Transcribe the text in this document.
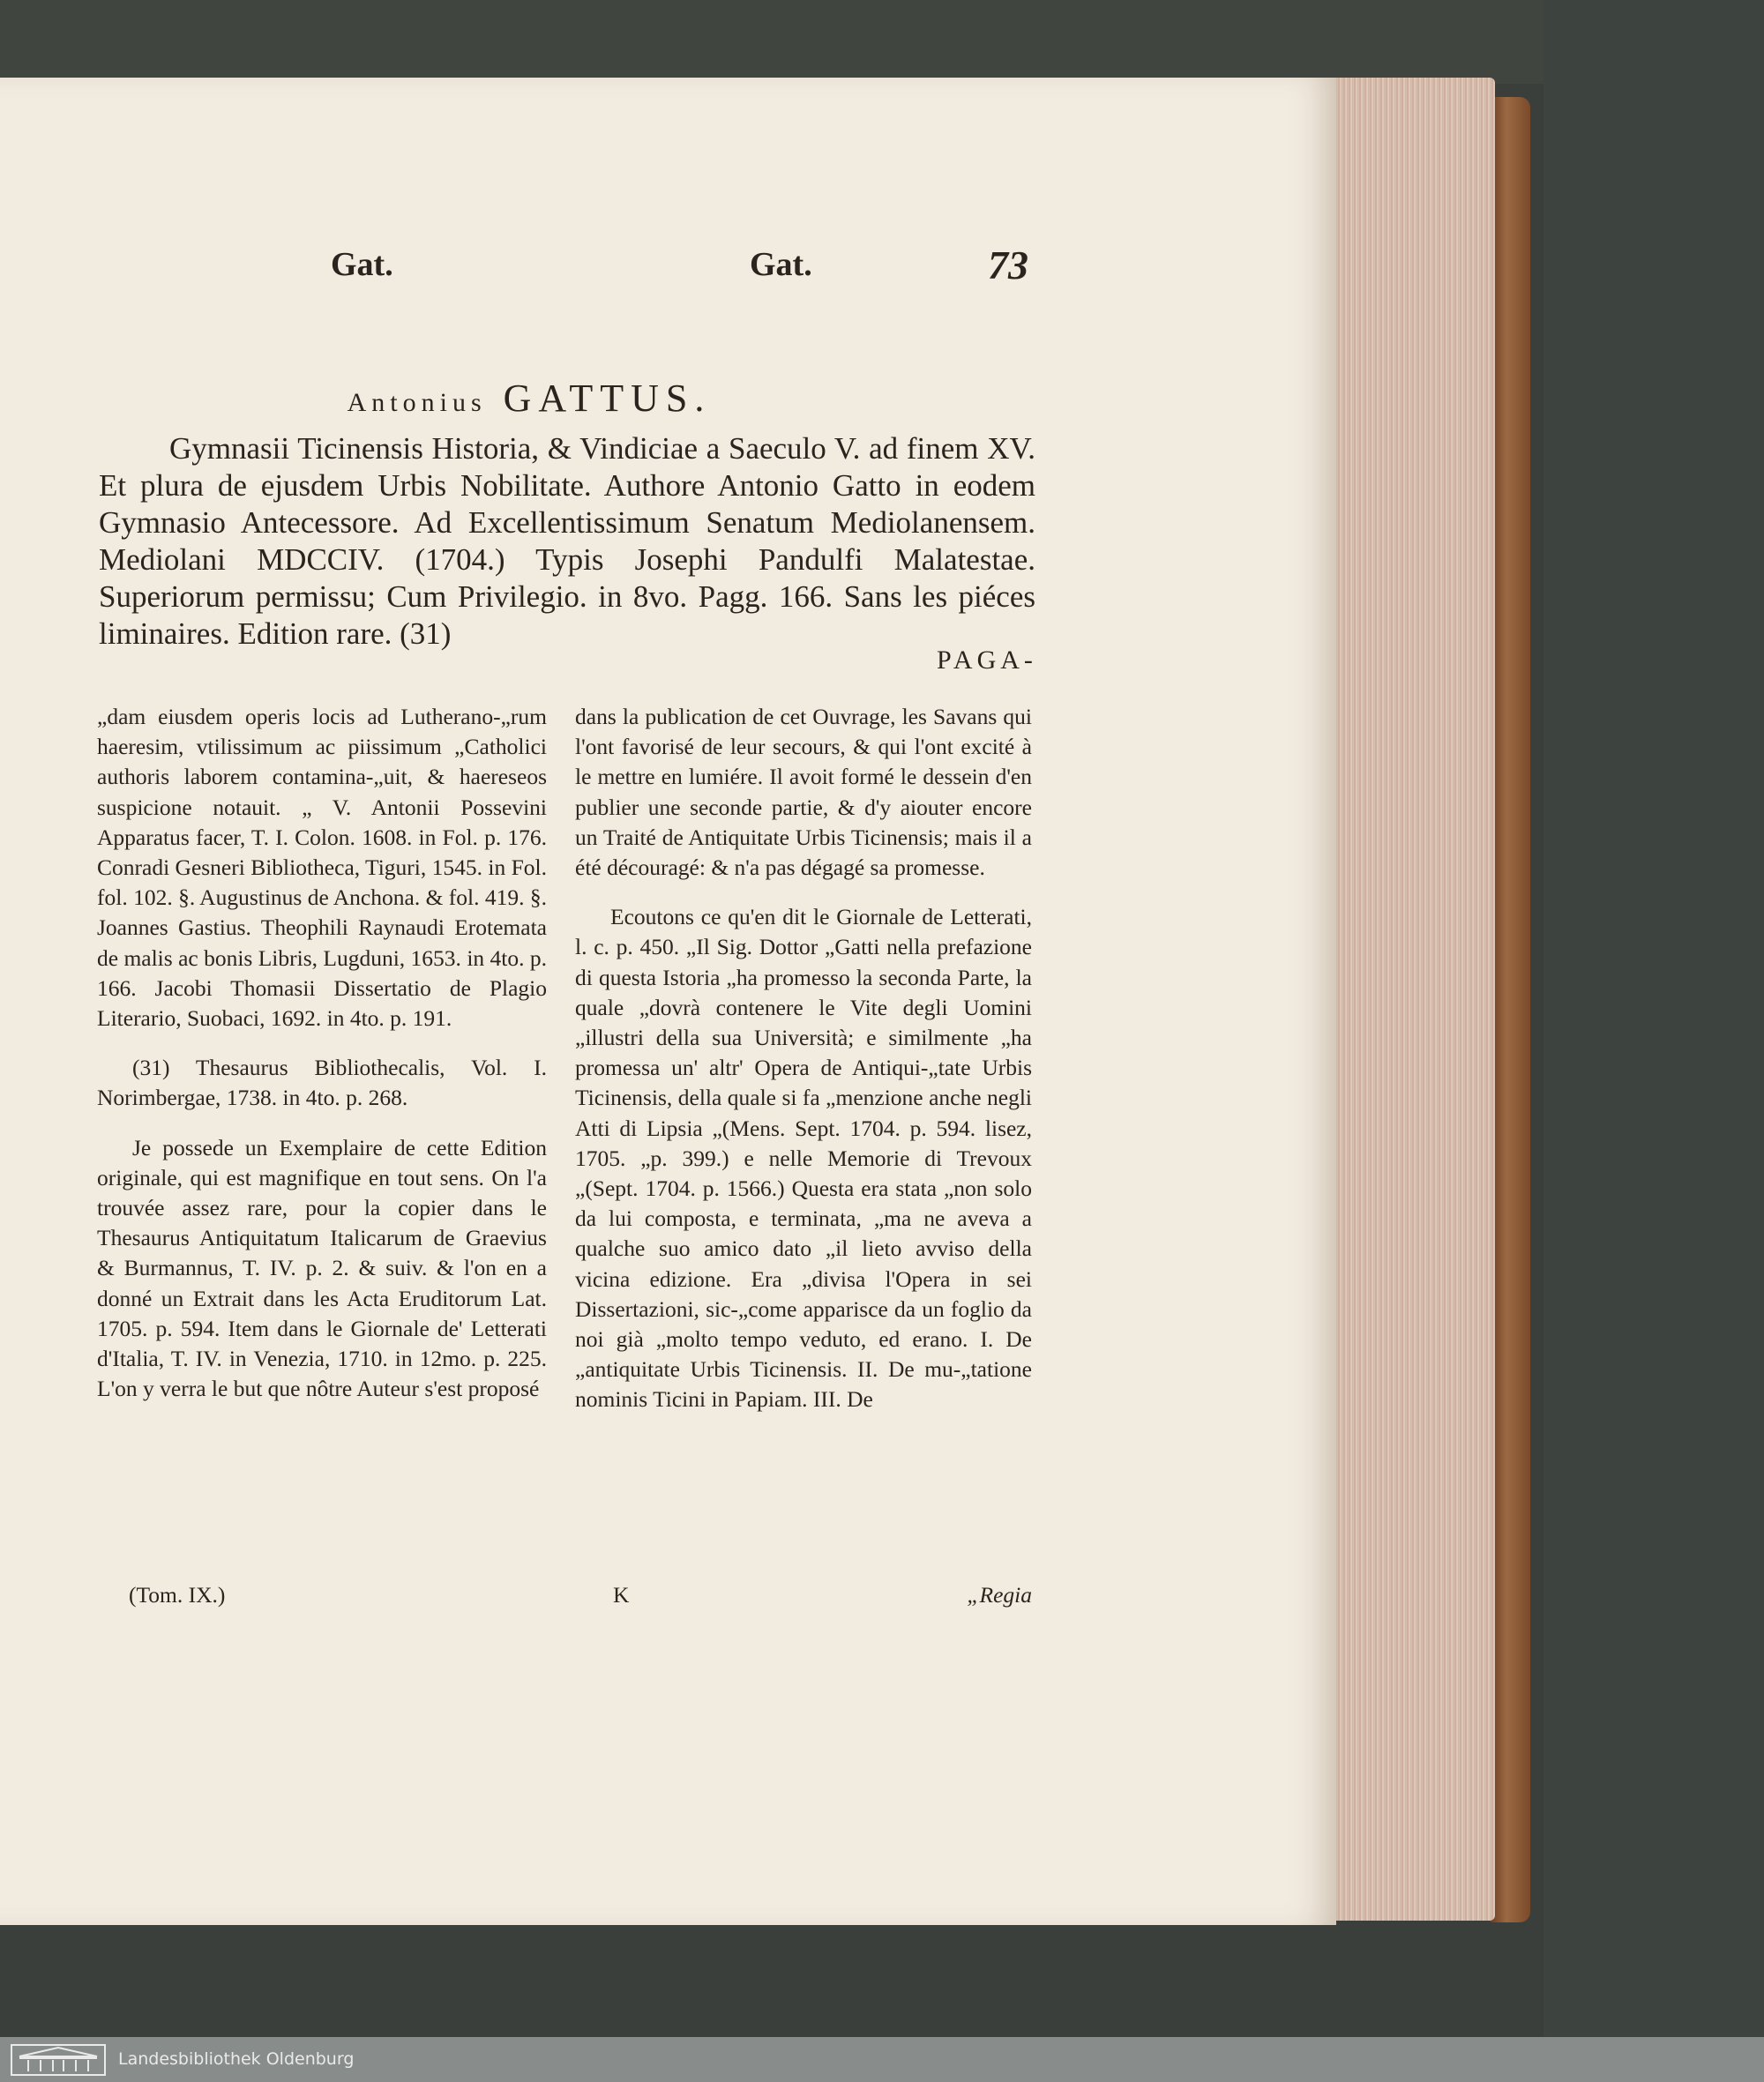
Gat.	Gat.	73
Antonius GATTUS.
Gymnasii Ticinensis Historia, & Vindiciae a Saeculo V. ad finem XV. Et plura de ejusdem Urbis Nobilitate. Authore Antonio Gatto in eodem Gymnasio Antecessore. Ad Excellentissimum Senatum Mediolanensem. Mediolani MDCCIV. (1704.) Typis Josephi Pandulfi Malatestae. Superiorum permissu; Cum Privilegio. in 8vo. Pagg. 166. Sans les piéces liminaires. Edition rare. (31)
PAGA-

„dam eiusdem operis locis ad Lutherano-„rum haeresim, vtilissimum ac piissimum „Catholici authoris laborem contamina-„uit, & haereseos suspicione notauit. „ V. Antonii Possevini Apparatus facer, T. I. Colon. 1608. in Fol. p. 176. Conradi Gesneri Bibliotheca, Tiguri, 1545. in Fol. fol. 102. §. Augustinus de Anchona. & fol. 419. §. Joannes Gastius. Theophili Raynaudi Erotemata de malis ac bonis Libris, Lugduni, 1653. in 4to. p. 166. Jacobi Thomasii Dissertatio de Plagio Literario, Suobaci, 1692. in 4to. p. 191.

(31) Thesaurus Bibliothecalis, Vol. I. Norimbergae, 1738. in 4to. p. 268.

Je possede un Exemplaire de cette Edition originale, qui est magnifique en tout sens. On l'a trouvée assez rare, pour la copier dans le Thesaurus Antiquitatum Italicarum de Graevius & Burmannus, T. IV. p. 2. & suiv. & l'on en a donné un Extrait dans les Acta Eruditorum Lat. 1705. p. 594. Item dans le Giornale de' Letterati d'Italia, T. IV. in Venezia, 1710. in 12mo. p. 225. L'on y verra le but que nôtre Auteur s'est proposé

dans la publication de cet Ouvrage, les Savans qui l'ont favorisé de leur secours, & qui l'ont excité à le mettre en lumiére. Il avoit formé le dessein d'en publier une seconde partie, & d'y aiouter encore un Traité de Antiquitate Urbis Ticinensis; mais il a été découragé: & n'a pas dégagé sa promesse.

Ecoutons ce qu'en dit le Giornale de Letterati, l. c. p. 450. „Il Sig. Dottor „Gatti nella prefazione di questa Istoria „ha promesso la seconda Parte, la quale „dovrà contenere le Vite degli Uomini „illustri della sua Università; e similmente „ha promessa un' altr' Opera de Antiqui-„tate Urbis Ticinensis, della quale si fa „menzione anche negli Atti di Lipsia „(Mens. Sept. 1704. p. 594. lisez, 1705. „p. 399.) e nelle Memorie di Trevoux „(Sept. 1704. p. 1566.) Questa era stata „non solo da lui composta, e terminata, „ma ne aveva a qualche suo amico dato „il lieto avviso della vicina edizione. Era „divisa l'Opera in sei Dissertazioni, sic-„come apparisce da un foglio da noi già „molto tempo veduto, ed erano. I. De „antiquitate Urbis Ticinensis. II. De mu-„tatione nominis Ticini in Papiam. III. De

(Tom. IX.)	K	„Regia
Landesbibliothek Oldenburg
